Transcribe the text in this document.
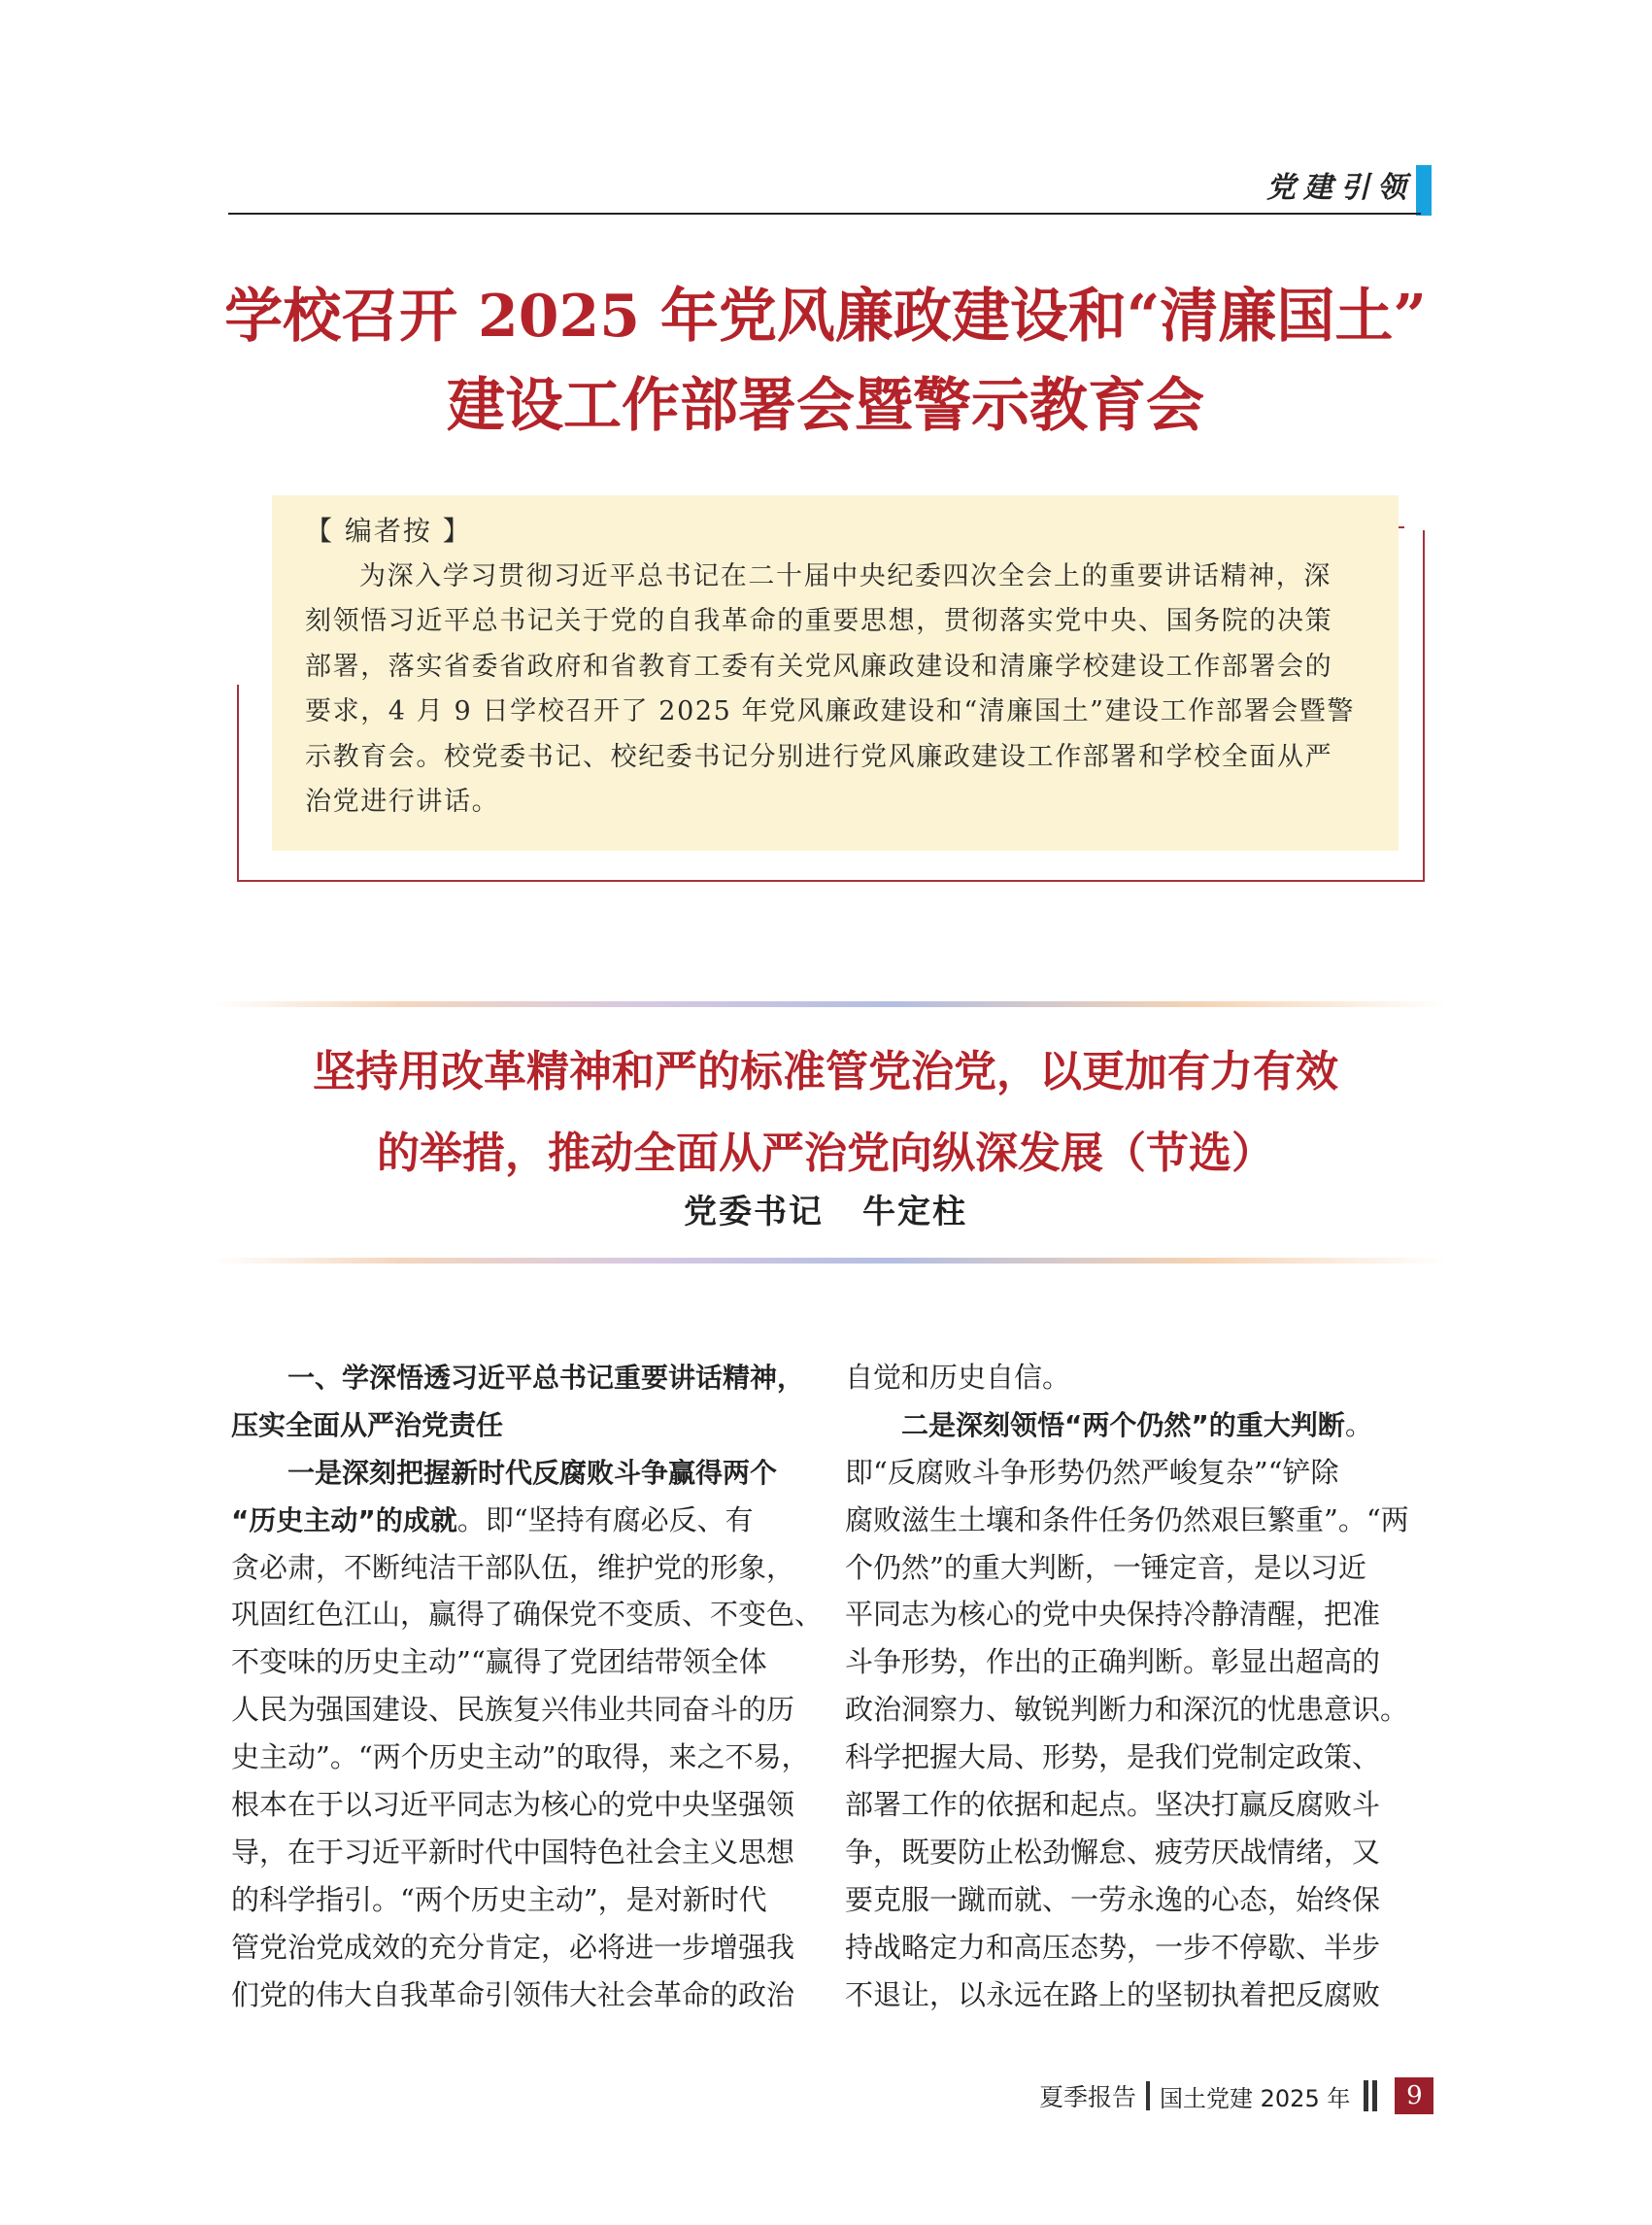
党建引领
学校召开 2025 年党风廉政建设和“清廉国土”
建设工作部署会暨警示教育会
【 编者按 】
为深入学习贯彻习近平总书记在二十届中央纪委四次全会上的重要讲话精神，深
刻领悟习近平总书记关于党的自我革命的重要思想，贯彻落实党中央、国务院的决策
部署，落实省委省政府和省教育工委有关党风廉政建设和清廉学校建设工作部署会的
要求，4 月 9 日学校召开了 2025 年党风廉政建设和“清廉国土”建设工作部署会暨警
示教育会。校党委书记、校纪委书记分别进行党风廉政建设工作部署和学校全面从严
治党进行讲话。
坚持用改革精神和严的标准管党治党，以更加有力有效
的举措，推动全面从严治党向纵深发展（节选）
党委书记 牛定柱
一、学深悟透习近平总书记重要讲话精神，
压实全面从严治党责任
一是深刻把握新时代反腐败斗争赢得两个
“历史主动”的成就。即“坚持有腐必反、有
贪必肃，不断纯洁干部队伍，维护党的形象，
巩固红色江山，赢得了确保党不变质、不变色、
不变味的历史主动”“赢得了党团结带领全体
人民为强国建设、民族复兴伟业共同奋斗的历
史主动”。“两个历史主动”的取得，来之不易，
根本在于以习近平同志为核心的党中央坚强领
导，在于习近平新时代中国特色社会主义思想
的科学指引。“两个历史主动”，是对新时代
管党治党成效的充分肯定，必将进一步增强我
们党的伟大自我革命引领伟大社会革命的政治
自觉和历史自信。
二是深刻领悟“两个仍然”的重大判断。
即“反腐败斗争形势仍然严峻复杂”“铲除
腐败滋生土壤和条件任务仍然艰巨繁重”。“两
个仍然”的重大判断，一锤定音，是以习近
平同志为核心的党中央保持冷静清醒，把准
斗争形势，作出的正确判断。彰显出超高的
政治洞察力、敏锐判断力和深沉的忧患意识。
科学把握大局、形势，是我们党制定政策、
部署工作的依据和起点。坚决打赢反腐败斗
争，既要防止松劲懈怠、疲劳厌战情绪，又
要克服一蹴而就、一劳永逸的心态，始终保
持战略定力和高压态势，一步不停歇、半步
不退让，以永远在路上的坚韧执着把反腐败
夏季报告 国土党建 2025 年	9
